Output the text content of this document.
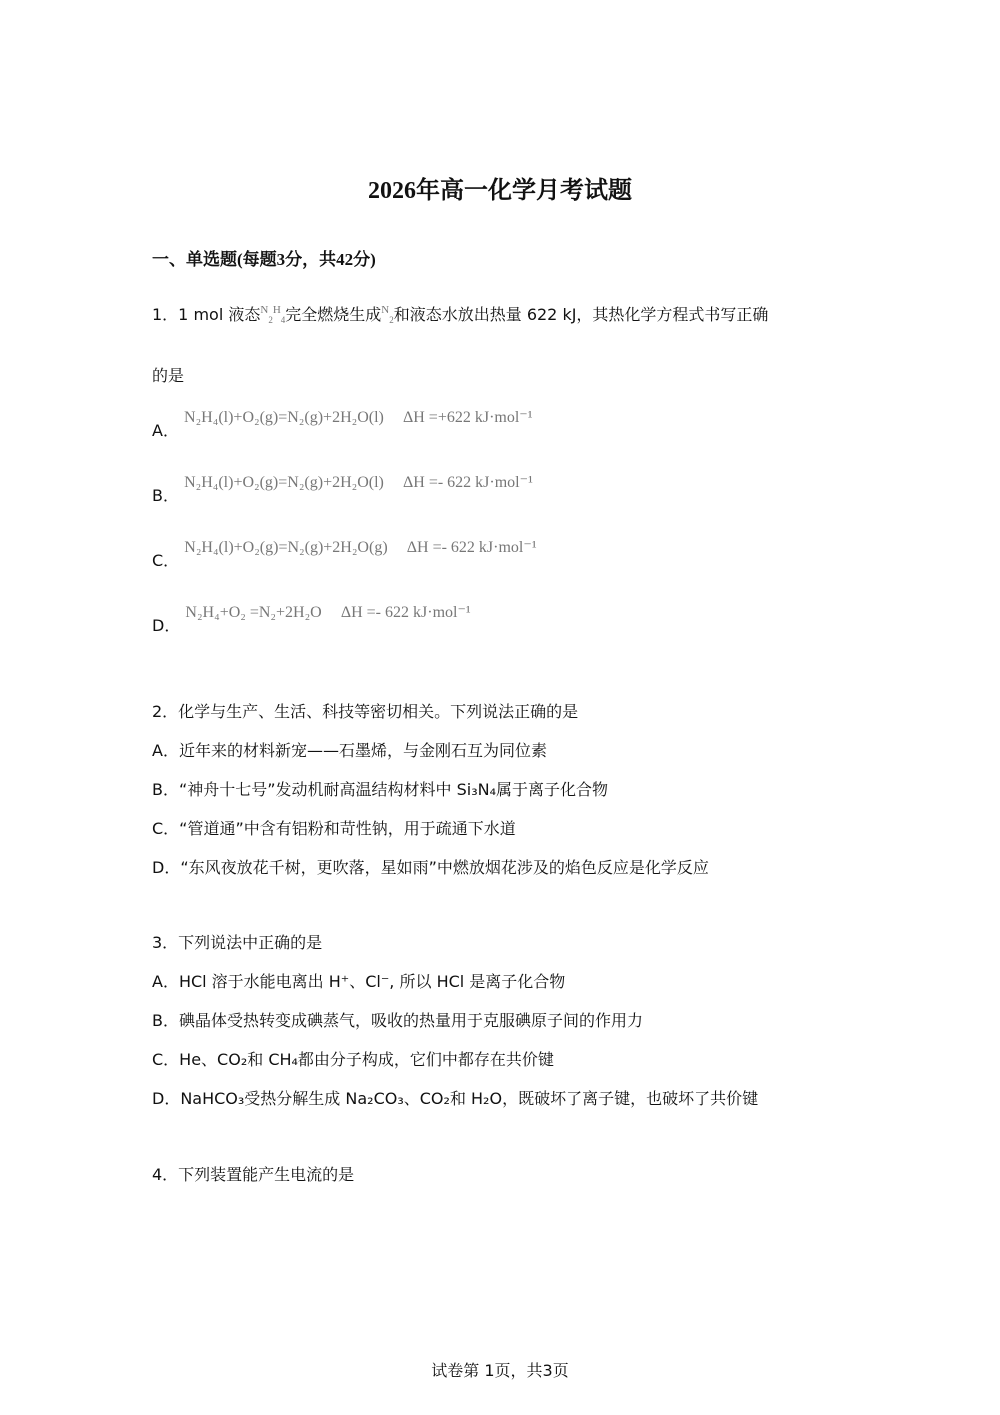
2026年高一化学月考试题
一、单选题(每题3分，共42分)
1．1 mol 液态$^N2^H4$完全燃烧生成$^N$2和液态水放出热量 622 kJ，其热化学方程式书写正确
的是
A． N₂H₄(l)+O₂(g)=N₂(g)+2H₂O(l) ΔH =+622 kJ·mol⁻¹
B． N₂H₄(l)+O₂(g)=N₂(g)+2H₂O(l) ΔH =- 622 kJ·mol⁻¹
C． N₂H₄(l)+O₂(g)=N₂(g)+2H₂O(g) ΔH =- 622 kJ·mol⁻¹
D． N₂H₄+O₂ =N₂+2H₂O ΔH =- 622 kJ·mol⁻¹
2．化学与生产、生活、科技等密切相关。下列说法正确的是
A．近年来的材料新宠——石墨烯，与金刚石互为同位素
B．“神舟十七号”发动机耐高温结构材料中 Si₃N₄属于离子化合物
C．“管道通”中含有铝粉和苛性钠，用于疏通下水道
D．“东风夜放花千树，更吹落，星如雨”中燃放烟花涉及的焰色反应是化学反应
3．下列说法中正确的是
A．HCl 溶于水能电离出 H⁺、Cl⁻, 所以 HCl 是离子化合物
B．碘晶体受热转变成碘蒸气，吸收的热量用于克服碘原子间的作用力
C．He、CO₂和 CH₄都由分子构成，它们中都存在共价键
D．NaHCO₃受热分解生成 Na₂CO₃、CO₂和 H₂O，既破坏了离子键，也破坏了共价键
4．下列装置能产生电流的是
试卷第 1页，共3页
